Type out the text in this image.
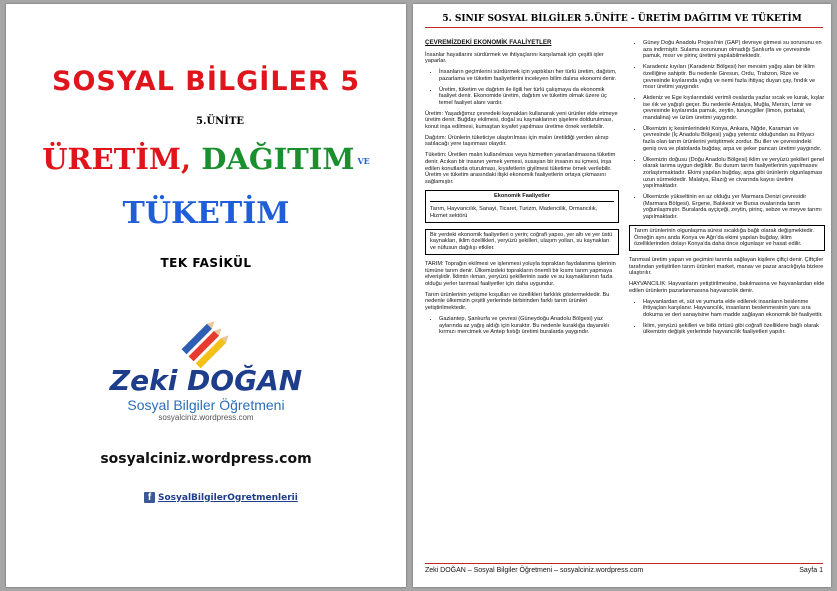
SOSYAL BİLGİLER 5
5.ÜNİTE
ÜRETİM, DAĞITIM VE
TÜKETİM
TEK FASİKÜL
Zeki DOĞAN
Sosyal Bilgiler Öğretmeni
sosyalciniz.wordpress.com
sosyalciniz.wordpress.com
f SosyalBilgilerOgretmenlerii
5. SINIF SOSYAL BİLGİLER 5.ÜNİTE - ÜRETİM DAĞITIM VE TÜKETİM

ÇEVREMİZDEKİ EKONOMİK FAALİYETLER

İnsanlar hayatlarını sürdürmek ve ihtiyaçlarını karşılamak için çeşitli işler yaparlar.

• İnsanların geçimlerini sürdürmek için yaptıkları her türlü üretim, dağıtım, pazarlama ve tüketim faaliyetlerini inceleyen bilim dalına ekonomi denir.
• Üretim, tüketim ve dağıtım ile ilgili her türlü çalışmaya da ekonomik faaliyet denir. Ekonomide üretim, dağıtım ve tüketim olmak üzere üç temel faaliyet alanı vardır.

Üretim: Yaşadığımız çevredeki kaynakları kullanarak yeni ürünler elde etmeye üretim denir. Buğday ekilmesi, doğal su kaynaklarının şişelere doldurulması, konut inşa edilmesi, kumaştan kıyafet yapılması üretime örnek verilebilir.

Dağıtım: Ürünlerin tüketiciye ulaştırılması için malın üretildiği yerden alınıp satılacağı yere taşınması olaydır.

Tüketim: Üretilen malın kullanılması veya hizmetten yararlanılmasına tüketim denir. Acıkan bir insanın yemek yemesi, susayan bir insanın su içmesi, inşa edilen konutlarda oturulması, kıyafetlerin giyilmesi tüketime örnek verilebilir. Üretim ve tüketim arasındaki ilişki ekonomik faaliyetlerin ortaya çıkmasını sağlamıştır.

Ekonomik Faaliyetler
Tarım, Hayvancılık, Sanayi, Ticaret, Turizm, Madencilik, Ormancılık, Hizmet sektörü
Bir yerdeki ekonomik faaliyetleri o yerin; coğrafi yapısı, yer altı ve yer üstü kaynakları, iklim özellikleri, yeryüzü şekilleri, ulaşım yolları, su kaynakları ve nüfusun dağılışı etkiler.

TARIM: Toprağın ekilmesi ve işlenmesi yoluyla topraktan faydalanma işlerinin tümüne tarım denir. Ülkemizdeki toprakların önemli bir kısmı tarım yapmaya elverişlidir. İklimin ılıman, yeryüzü şekillerinin sade ve su kaynaklarının fazla olduğu yerler tarımsal faaliyetler için daha uygundur.

Tarım ürünlerinin yetişme koşulları ve özellikleri farklılık göstermektedir. Bu nedenle ülkemizin çeşitli yerlerinde birbirinden farklı tarım ürünleri yetiştirilmektedir.

• Gaziantep, Şanlıurfa ve çevresi (Güneydoğu Anadolu Bölgesi) yaz aylarında az yağış aldığı için kuraktır. Bu nedenle kuraklığa dayanıklı kırmızı mercimek ve Antep fıstığı üretimi buralarda yaygındır.
• Güney Doğu Anadolu Projesi'nin (GAP) devreye girmesi su sorununu en aza indirmiştir. Sulama sorununun olmadığı Şanlıurfa ve çevresinde pamuk, mısır ve pirinç üretimi yapılabilmektedir.
• Karadeniz kıyıları (Karadeniz Bölgesi) her mevsim yağış alan bir iklim özelliğine sahiptir. Bu nedenle Giresun, Ordu, Trabzon, Rize ve çevresinde kıyılarında yağış ve nemi fazla ihtiyaç duyan çay, fındık ve mısır üretimi yaygındır.
• Akdeniz ve Ege kıyılarındaki verimli ovalarda yazlar sıcak ve kurak, kışlar ise ılık ve yağışlı geçer. Bu nedenle Antalya, Muğla, Mersin, İzmir ve çevresinde kıyılarında pamuk, zeytin, turunçgiller (limon, portakal, mandalina) ve üzüm üretimi yaygındır.
• Ülkemizin iç kesimlerindeki Konya, Ankara, Niğde, Karaman ve çevresinde (İç Anadolu Bölgesi) yağış yetersiz olduğundan su ihtiyacı fazla olan tarım ürünlerini yetiştirmek zordur. Bu iller ve çevresindeki geniş ova ve platolarda buğday, arpa ve şeker pancarı üretimi yaygındır.
• Ülkemizin doğusu (Doğu Anadolu Bölgesi) iklim ve yeryüzü şekilleri genel olarak tarıma uygun değildir. Bu durum tarım faaliyetlerinin yapılmasını zorlaştırmaktadır. Ekimi yapılan buğday, arpa gibi ürünlerin olgunlaşması uzun sürmektedir. Malatya, Elazığ ve civarında kayısı üretimi yapılmaktadır.
• Ülkemizde yükseltinin en az olduğu yer Marmara Denizi çevresidir (Marmara Bölgesi). Ergene, Balıkesir ve Bursa ovalarında tarım yoğunlaşmıştır. Buralarda ayçiçeği, zeytin, pirinç, sebze ve meyve tarımı yapılmaktadır.
Tarım ürünlerinin olgunlaşma süresi sıcaklığa bağlı olarak değişmektedir. Örneğin aynı anda Konya ve Ağrı'da ekimi yapılan buğday, iklim özelliklerinden dolayı Konya'da daha önce olgunlaşır ve hasat edilir.

Tarımsal üretim yapan ve geçimini tarımla sağlayan kişilere çiftçi denir. Çiftçiler tarafından yetiştirilen tarım ürünleri market, manav ve pazar aracılığıyla bizlere ulaştırılır.

HAYVANCILIK: Hayvanların yetiştirilmesine, bakılmasına ve hayvanlardan elde edilen ürünlerin pazarlanmasına hayvancılık denir.

• Hayvanlardan et, süt ve yumurta elde edilerek insanların beslenme ihtiyaçları karşılanır. Hayvancılık, insanların beslenmesinin yanı sıra dokuma ve deri sanayisine ham madde sağlayan ekonomik bir faaliyettir.
• İklim, yeryüzü şekilleri ve bitki örtüsü gibi coğrafi özelliklere bağlı olarak ülkemizin değişik yerlerinde hayvancılık faaliyetleri yapılır.
Zeki DOĞAN – Sosyal Bilgiler Öğretmeni – sosyalciniz.wordpress.com	Sayfa 1
